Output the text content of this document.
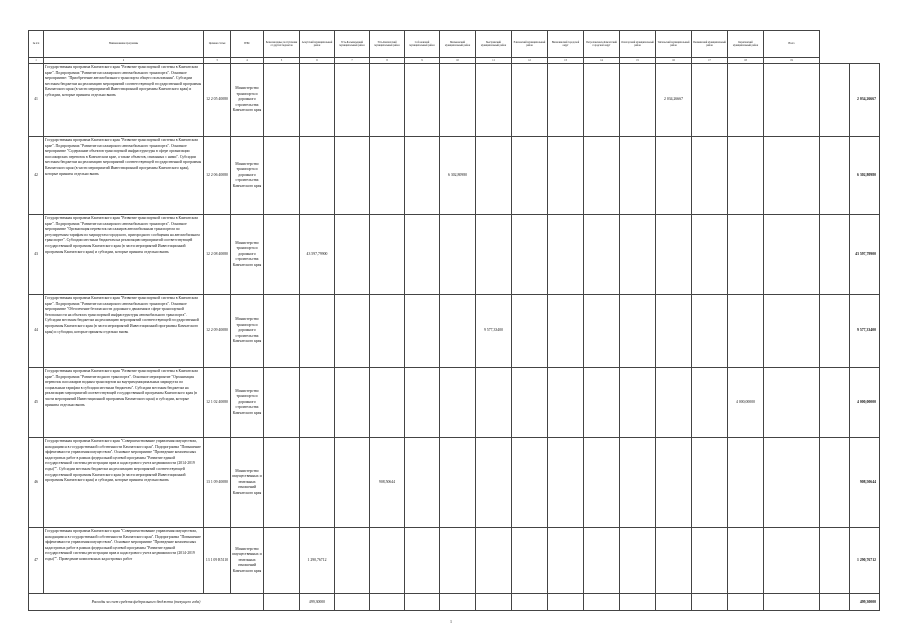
№ п/п	Наименование программы	Целевая статья	ГРБС	Безвозмездные поступления от других бюджетов	Алеутский муниципальный район	Усть-Большерецкий муниципальный район	Усть-Камчатский муниципальный район	Соболевский муниципальный район	Мильковский муниципальный район	Быстринский муниципальный район	Елизовский муниципальный район	Вилючинский городской округ	Петропавловск-Камчатский городской округ	Олюторский муниципальный район	Тигильский муниципальный район	Пенжинский муниципальный район	Карагинский муниципальный район	Всего		
1	2	3	4	5	6	7	8	9	10	11	12	13	14	15	16	17	18	19		
41	Государственная программа Камчатского края "Развитие транспортной системы в Камчатском крае". Подпрограмма "Развитие пассажирского автомобильного транспорта". Основное мероприятие: "Приобретение автомобильного транспорта общего пользования". Субсидии местным бюджетам на реализацию мероприятий соответствующей государственной программы Камчатского края (в части мероприятий Инвестиционной программы Камчатского края) и субсидии, которые приняты отдельно вновь	12 2 05 40080	Министерство транспорта и дорожного строительства Камчатского края												2 034,26667					2 034,26667
42	Государственная программа Камчатского края "Развитие транспортной системы в Камчатском крае". Подпрограмма "Развитие пассажирского автомобильного транспорта". Основное мероприятие "Содержание объектов транспортной инфраструктуры в сфере организации пассажирских перевозок в Камчатском крае, а также объектов, связанных с ними". Субсидии местным бюджетам на реализацию мероприятий соответствующей государственной программы Камчатского края (в части мероприятий Инвестиционной программы Камчатского края), которые приняты отдельно вновь	12 2 06 40080	Министерство транспорта и дорожного строительства Камчатского края						6 302,80980											6 302,80980
43	Государственная программа Камчатского края "Развитие транспортной системы в Камчатском крае". Подпрограмма "Развитие пассажирского автомобильного транспорта". Основное мероприятие "Организация перевозок пассажиров автомобильным транспортом по регулируемым тарифам по маршрутам городского, пригородного сообщения на автомобильном транспорте". Субсидии местным бюджетам на реализацию мероприятий соответствующей государственной программы Камчатского края (в части мероприятий Инвестиционной программы Камчатского края) и субсидии, которые приняты отдельно вновь	12 2 08 40080	Министерство транспорта и дорожного строительства Камчатского края		43 597,79900															43 597,79900
44	Государственная программа Камчатского края "Развитие транспортной системы в Камчатском крае". Подпрограмма "Развитие пассажирского автомобильного транспорта". Основное мероприятие "Обеспечение безопасности дорожного движения в сфере транспортной безопасности на объектах транспортной инфраструктуры автомобильного транспорта". Субсидии местным бюджетам на реализацию мероприятий соответствующей государственной программы Камчатского края (в части мероприятий Инвестиционной программы Камчатского края) и субсидии, которые приняты отдельно вновь	12 2 09 40080	Министерство транспорта и дорожного строительства Камчатского края							9 577,33400										9 577,33400
45	Государственная программа Камчатского края "Развитие транспортной системы в Камчатском крае". Подпрограмма "Развитие водного транспорта". Основное мероприятие "Организация перевозок пассажиров водным транспортом на внутримуниципальных маршрутах по социальным тарифам в субсидии местным бюджетам". Субсидии местным бюджетам на реализацию мероприятий соответствующей государственной программы Камчатского края (в части мероприятий Инвестиционной программы Камчатского края) и субсидии, которые приняты отдельно вновь	12 1 02 40080	Министерство транспорта и дорожного строительства Камчатского края														4 000,00000			4 000,00000
46	Государственная программа Камчатского края "Совершенствование управления имуществом, находящимся в государственной собственности Камчатского края". Подпрограмма "Повышение эффективности управления имуществом". Основное мероприятие "Проведение комплексных кадастровых работ в рамках федеральной целевой программы "Развитие единой государственной системы регистрации прав и кадастрового учета недвижимости (2014-2019 годы)"". Субсидии местным бюджетам на реализацию мероприятий соответствующей государственной программы Камчатского края (в части мероприятий Инвестиционной программы Камчатского края) и субсидии, которые приняты отдельно вновь	13 1 09 40080	Министерство имущественных и земельных отношений Камчатского края				908,50644													908,50644
47	Государственная программа Камчатского края "Совершенствование управления имуществом, находящимся в государственной собственности Камчатского края". Подпрограмма "Повышение эффективности управления имуществом". Основное мероприятие "Проведение комплексных кадастровых работ в рамках федеральной целевой программы "Развитие единой государственной системы регистрации прав и кадастрового учета недвижимости (2014-2019 годы)"". Проведение комплексных кадастровых работ	13 1 09 R5110	Министерство имущественных и земельных отношений Камчатского края		1 290,76712															1 290,76712
Расходы за счет средств федерального бюджета (текущего года)					499,30000															499,30000
1
